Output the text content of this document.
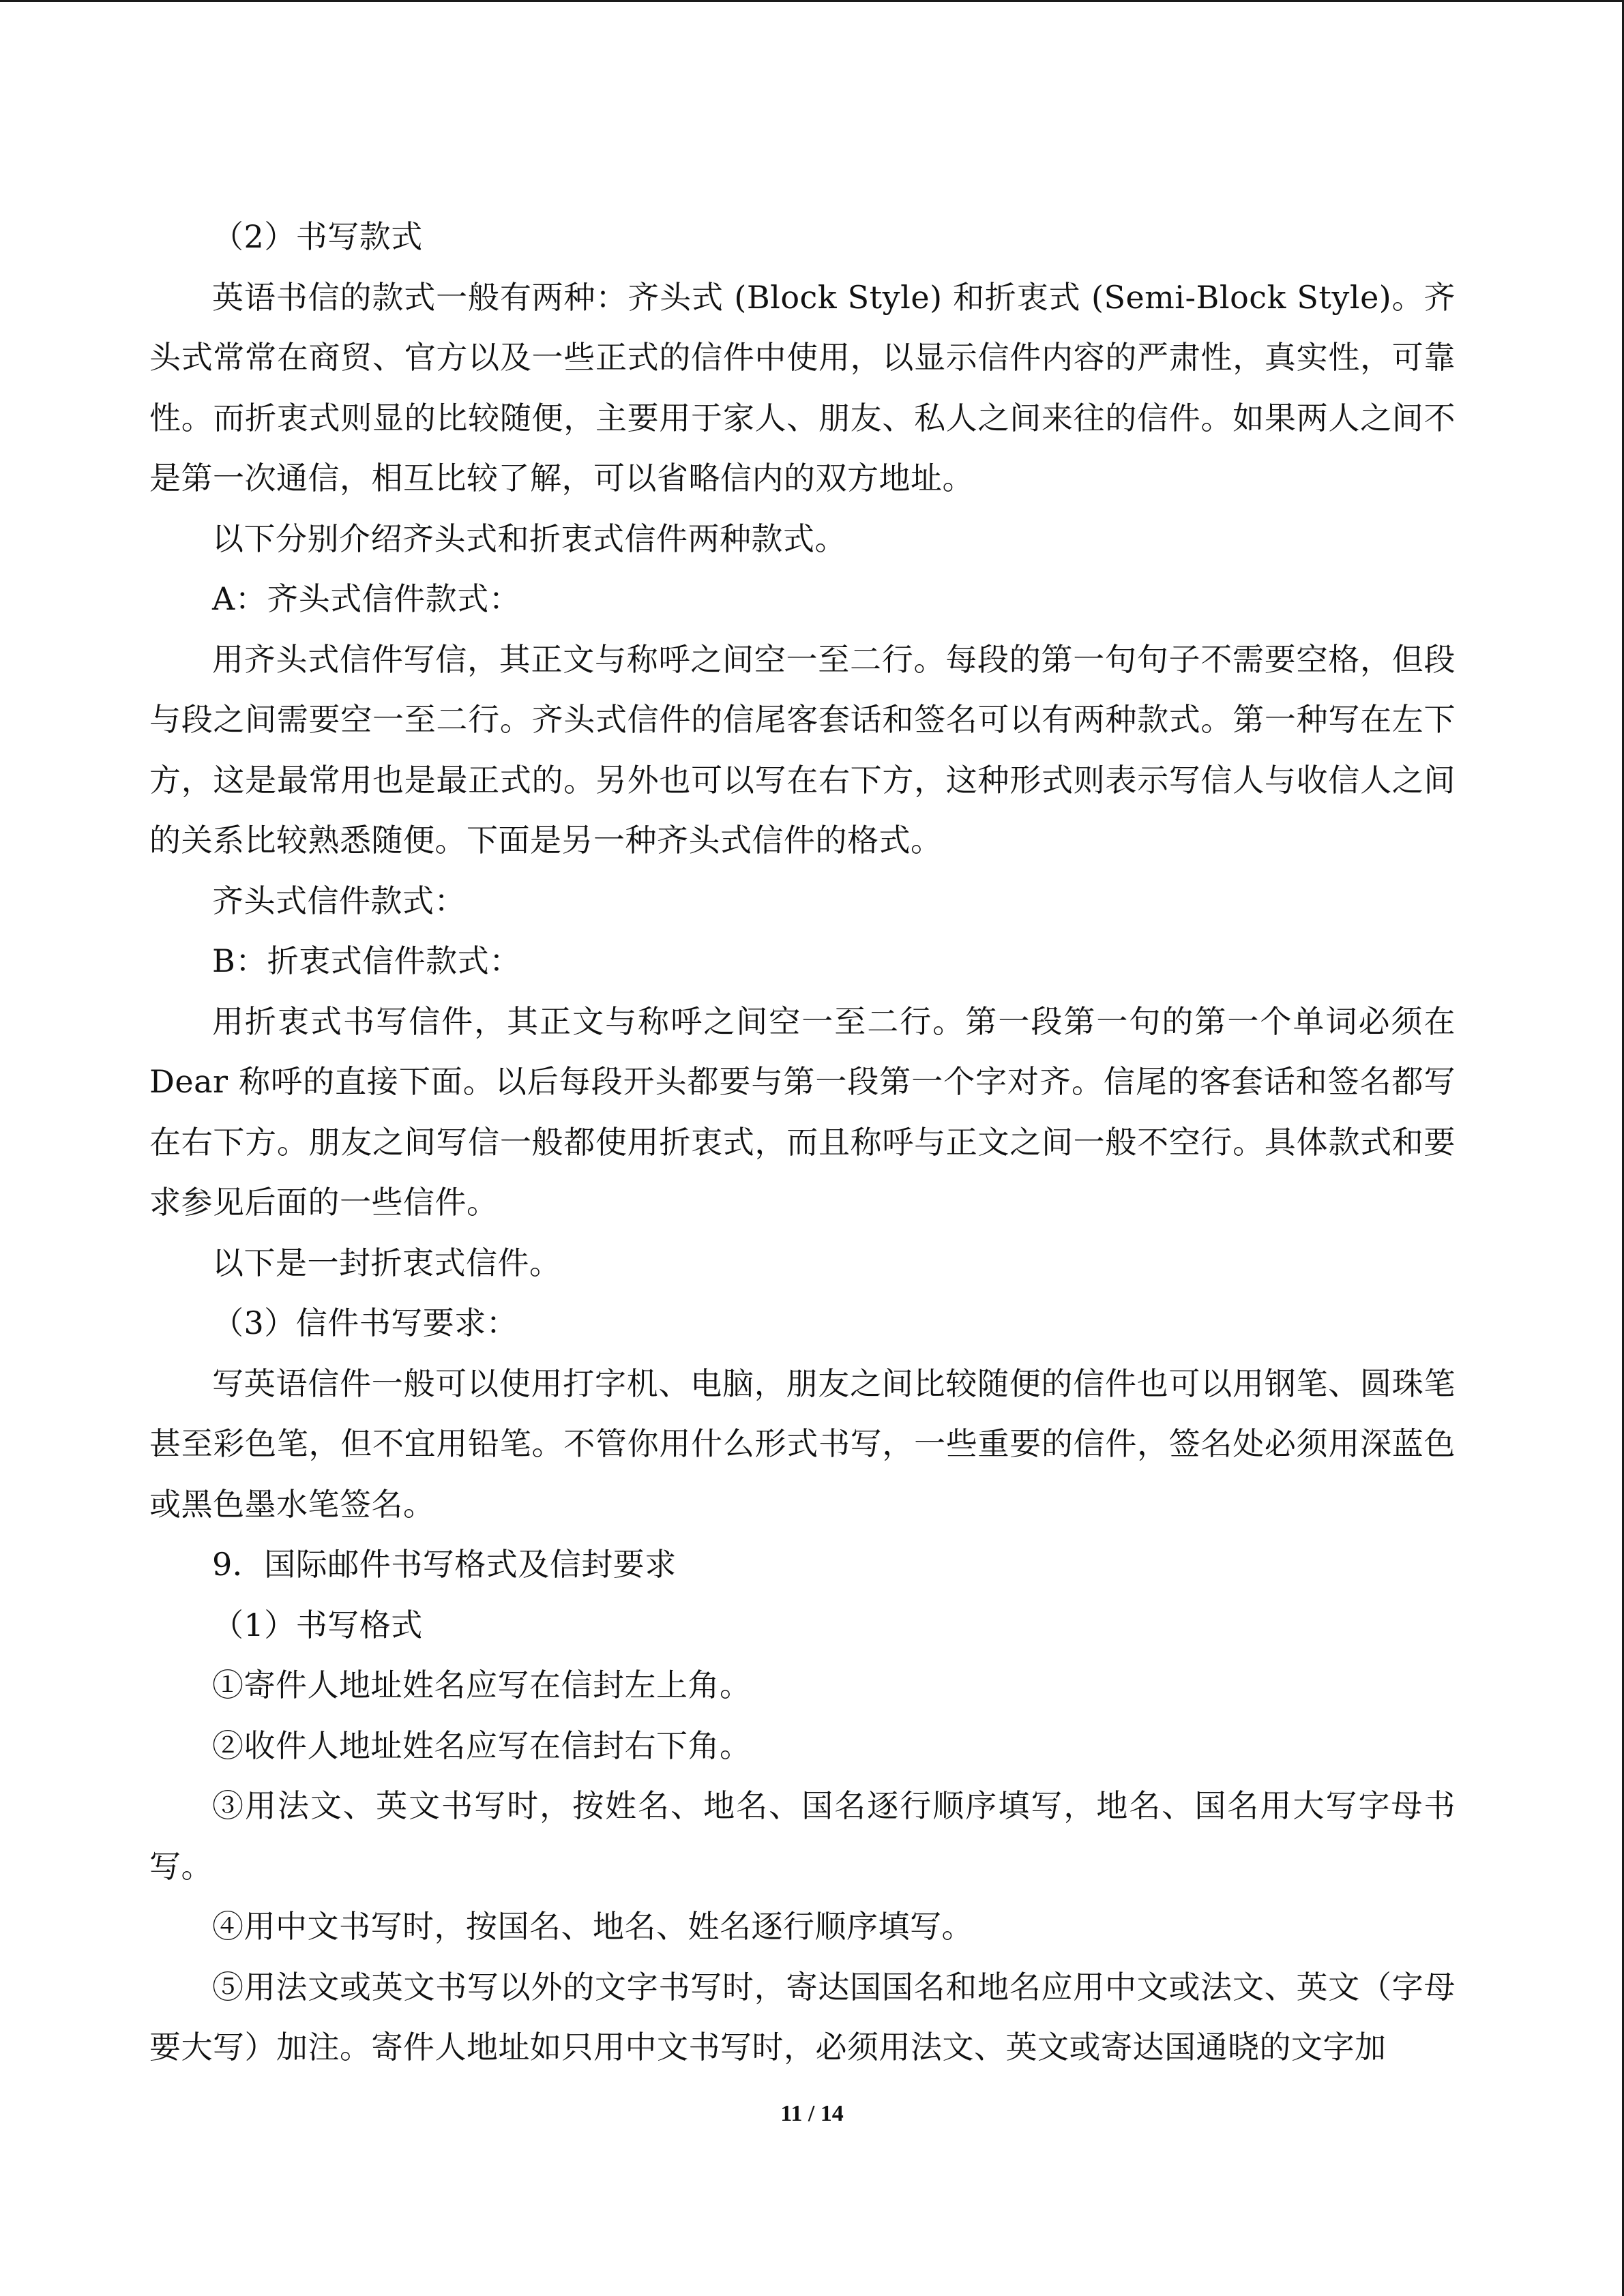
（2）书写款式

英语书信的款式一般有两种：齐头式 (Block Style) 和折衷式 (Semi-Block Style)。齐头式常常在商贸、官方以及一些正式的信件中使用，以显示信件内容的严肃性，真实性，可靠性。而折衷式则显的比较随便，主要用于家人、朋友、私人之间来往的信件。如果两人之间不是第一次通信，相互比较了解，可以省略信内的双方地址。

以下分别介绍齐头式和折衷式信件两种款式。

A：齐头式信件款式：

用齐头式信件写信，其正文与称呼之间空一至二行。每段的第一句句子不需要空格，但段与段之间需要空一至二行。齐头式信件的信尾客套话和签名可以有两种款式。第一种写在左下方，这是最常用也是最正式的。另外也可以写在右下方，这种形式则表示写信人与收信人之间的关系比较熟悉随便。下面是另一种齐头式信件的格式。

齐头式信件款式：

B：折衷式信件款式：

用折衷式书写信件，其正文与称呼之间空一至二行。第一段第一句的第一个单词必须在Dear 称呼的直接下面。以后每段开头都要与第一段第一个字对齐。信尾的客套话和签名都写在右下方。朋友之间写信一般都使用折衷式，而且称呼与正文之间一般不空行。具体款式和要求参见后面的一些信件。

以下是一封折衷式信件。

（3）信件书写要求：

写英语信件一般可以使用打字机、电脑，朋友之间比较随便的信件也可以用钢笔、圆珠笔甚至彩色笔，但不宜用铅笔。不管你用什么形式书写，一些重要的信件，签名处必须用深蓝色或黑色墨水笔签名。

9．国际邮件书写格式及信封要求

（1）书写格式

①寄件人地址姓名应写在信封左上角。

②收件人地址姓名应写在信封右下角。

③用法文、英文书写时，按姓名、地名、国名逐行顺序填写，地名、国名用大写字母书写。

④用中文书写时，按国名、地名、姓名逐行顺序填写。

⑤用法文或英文书写以外的文字书写时，寄达国国名和地名应用中文或法文、英文（字母要大写）加注。寄件人地址如只用中文书写时，必须用法文、英文或寄达国通晓的文字加

11 / 14
